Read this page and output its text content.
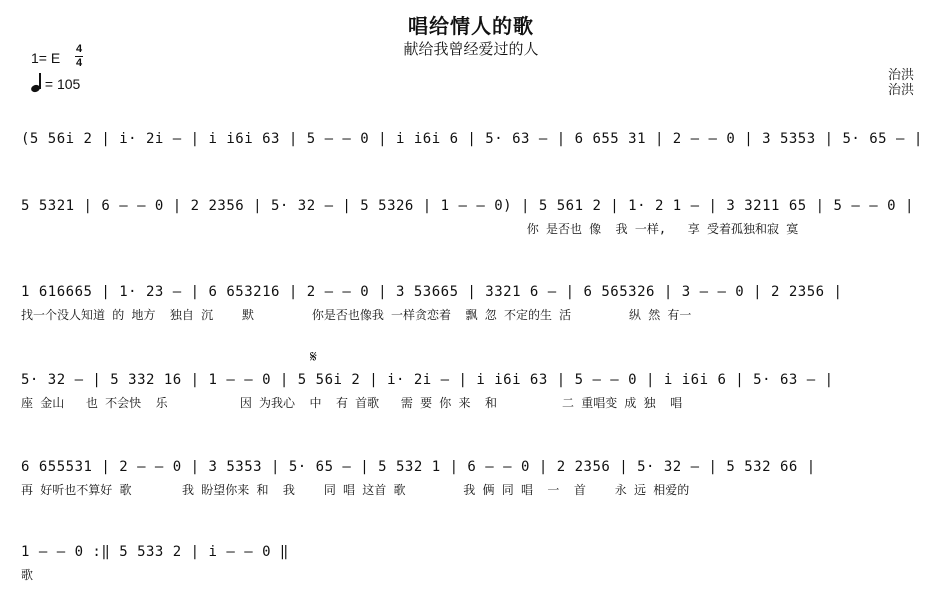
唱给情人的歌
献给我曾经爱过的人
1= E
4
4
= 105
治洪
治洪
𝄋
(5 56i 2 | i· 2i — | i i6i 63 | 5 — — 0 | i i6i 6 | 5· 63 — | 6 655 31 | 2 — — 0 | 3 5353 | 5· 65 — |
5 5321 | 6 — — 0 | 2 2356 | 5· 32 — | 5 5326 | 1 — — 0) | 5 561 2 | 1· 2 1 — | 3 3211 65 | 5 — — 0 |
你 是否也 像  我 一样,   享 受着孤独和寂 寞
1 616665 | 1· 23 — | 6 653216 | 2 — — 0 | 3 53665 | 3321 6 — | 6 565326 | 3 — — 0 | 2 2356 |
找一个没人知道 的 地方  独自 沉    默        你是否也像我 一样贪恋着  飘 忽 不定的生 活        纵 然 有一
5· 32 — | 5 332 16 | 1 — — 0 | 5 56i 2 | i· 2i — | i i6i 63 | 5 — — 0 | i i6i 6 | 5· 63 — |
座 金山   也 不会快  乐          因 为我心  中  有 首歌   需 要 你 来  和         二 重唱变 成 独  唱
6 655531 | 2 — — 0 | 3 5353 | 5· 65 — | 5 532 1 | 6 — — 0 | 2 2356 | 5· 32 — | 5 532 66 |
再 好听也不算好 歌       我 盼望你来 和  我    同 唱 这首 歌        我 俩 同 唱  一  首    永 远 相爱的
1 — — 0 :‖ 5 533 2 | i — — 0 ‖
歌
